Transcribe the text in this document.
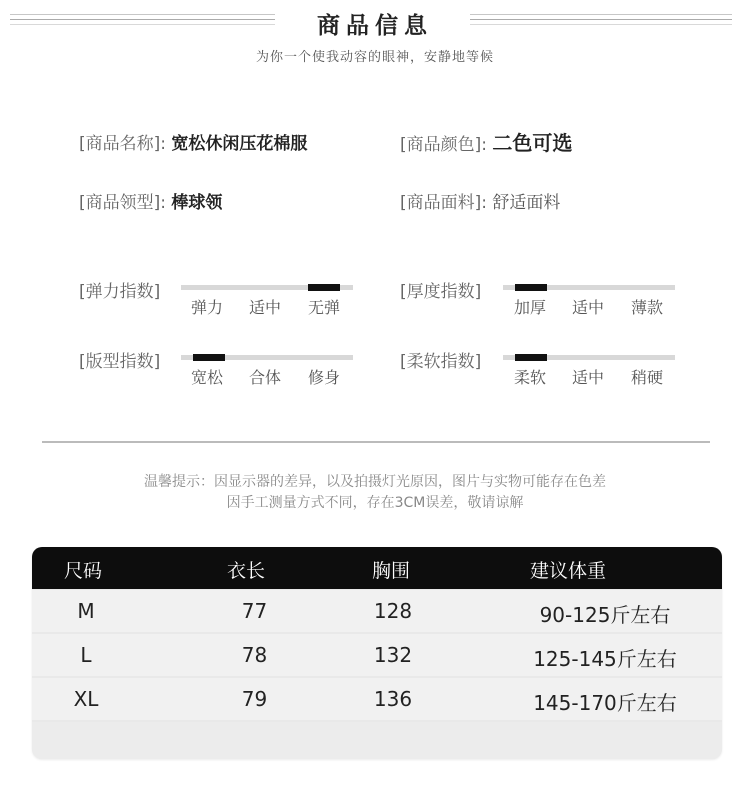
商品信息
为你一个使我动容的眼神，安静地等候
[商品名称]: 宽松休闲压花棉服	[商品颜色]: 二色可选
[商品领型]: 棒球领	[商品面料]: 舒适面料
[弹力指数]
弹力 适中 无弹
[厚度指数]
加厚 适中 薄款
[版型指数]
宽松 合体 修身
[柔软指数]
柔软 适中 稍硬
温馨提示：因显示器的差异，以及拍摄灯光原因，图片与实物可能存在色差
因手工测量方式不同，存在3CM误差，敬请谅解
尺码	衣长	胸围	建议体重
M	77	128	90-125斤左右
L	78	132	125-145斤左右
XL	79	136	145-170斤左右
